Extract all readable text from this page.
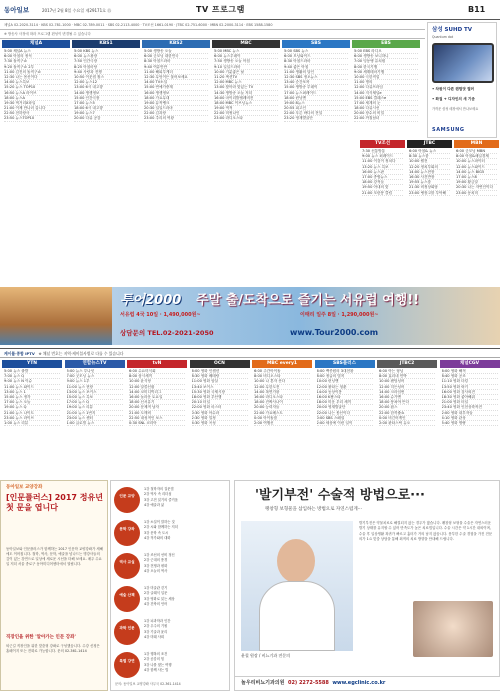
동아일보	2017년 2월 8일 수요일 제29171호 ⑮	TV 프로그램	B11
채널A 02-2020-3114 · KBS 02-781-1000 · MBC 02-789-0011 · SBS 02-2113-4000 · TV조선 1661-0190 · JTBC 02-751-6000 · MBN 02-2000-3114 · EBS 1588-1580
※ 방송사 사정에 따라 프로그램 편성이 변경될 수 있습니다
채널A
5:00 채널A 뉴스
6:00 아침의 정석
7:30 돌직구쇼
9:20 돌직구쇼 2부
11:00 김진의 돌직구쇼
12:30 나는 몸신이다
14:00 뉴스특보
15:20 뉴스 TOP10
16:50 뉴스A 라이브
18:00 뉴스A
19:30 먹거리X파일
21:00 이제 만나러 갑니다
22:50 천하장사
23:50 뉴스TOP10
KBS1
5:00 KBS 뉴스
6:00 뉴스광장
7:50 인간극장
8:25 아침마당
9:40 사랑과 전쟁
10:50 이웃집 찰스
12:00 뉴스12
13:00 6시 내고향
14:00 생생정보
15:00 인간극장
17:00 뉴스5
18:00 6시 내고향
19:00 뉴스7
20:00 다큐 공감
KBS2
5:00 생방송 오늘
6:00 굿모닝 대한민국
8:30 아침드라마
9:40 여유만만
11:00 해피투게더
12:30 무엇이든 물어보세요
14:00 TV소설
15:00 연예가중계
16:00 생생정보
18:00 가요무대
19:00 뮤직뱅크
20:30 일일드라마
22:00 김과장
23:00 추리의 여왕
MBC
5:00 MBC 뉴스
6:00 뉴스투데이
7:50 생방송 오늘 아침
9:10 일일드라마
10:00 기분좋은 날
11:20 섹션TV
12:00 MBC 뉴스
13:00 찾아라 맛있는 TV
14:30 생방송 오늘 저녁
16:00 마이리틀텔레비전
18:00 MBC 이브닝뉴스
19:00 역적
22:00 미씽나인
23:00 라디오스타
SBS
5:00 SBS 뉴스
6:00 모닝와이드
8:30 아침드라마
9:40 좋은 아침
11:00 생활의 달인
12:30 SBS 정오뉴스
13:40 순간포착
15:00 생방송 투데이
17:00 뉴스퍼레이드
18:00 런닝맨
19:00 8뉴스
20:55 피고인
22:00 푸른 바다의 전설
23:20 영재발굴단
EBS
5:00 EBS 라디오
6:00 생방송 보니하니
7:00 딩동댕 유치원
8:00 한국기행
9:00 세계테마기행
10:00 극한직업
11:00 명의
12:00 다큐프라임
14:00 지식채널e
15:00 EBS 클래스e
17:00 세계의 눈
18:00 다큐시선
20:00 장수의 비밀
22:00 까칠남녀
삼성 SUHD TV
Quantum dot
• 차원이 다른 퀀텀닷 컬러
• 화질 + 디자인의 새 기준
가까운 삼성 매장에서 만나보세요
SAMSUNG
TV조선
7:30 신통방통
9:00 뉴스 퍼레이드
11:00 이것이 정치다
13:20 뉴스 특보
16:00 뉴스판
17:00 종합뉴스
18:00 강적들
19:50 아내의 맛
21:00 모란봉 클럽
JTBC
6:00 아침& 뉴스
8:30 뉴스룸
10:00 썰전
12:20 정치부회의
14:00 뉴스현장
16:30 사건반장
19:55 뉴스룸
21:30 비정상회담
23:00 냉장고를 부탁해
MBN
6:00 굿모닝 MBN
8:00 아침&매일경제
10:00 뉴스파이터
12:00 뉴스와이드
14:00 뉴스 BIG5
17:00 뉴스8
19:00 황금알
20:30 나는 자연인이다
23:00 동치미
투어2000 주말 출/도착으로 즐기는 서유럽 여행!!
서유럽 4국 10일 · 1,490,000원~	이태리 일주 8일 · 1,290,000원~
상담문의 TEL.02-2021-2050	www.Tour2000.com
케이블·종합 IPTV ※ 채널 번호는 지역·케이블사별로 다를 수 있습니다
YTN
5:00 뉴스 출발
7:00 뉴스 Q
9:00 뉴스 N 이슈
11:00 뉴스 와이드
13:00 뉴스 1
15:00 뉴스 정각
17:00 뉴스 오늘
19:00 뉴스 Q
21:00 뉴스 나이트
23:00 뉴스 라이브
1:00 뉴스 리뷰
연합뉴스TV
5:00 뉴스 투나잇
7:00 굿모닝 뉴스
9:00 뉴스 1부
11:00 뉴스 현장
13:00 뉴스 포커스
15:00 뉴스 특보
17:00 뉴스 Q
19:00 뉴스 리뷰
21:00 뉴스 1번지
23:00 뉴스 센터
1:00 글로벌 뉴스
tvN
6:00 수요미식회
8:00 삼시세끼
10:00 윤식당
12:00 알쓸신잡
14:00 코미디빅리그
16:00 놀라운 토요일
18:00 신서유기
20:00 문제적 남자
21:00 도깨비
22:50 내성적인 보스
0:30 SNL 코리아
OCN
6:00 영화 인셉션
8:30 영화 베테랑
11:00 영화 암살
13:40 보이스
15:30 영화 국제시장
18:00 영화 부산행
20:10 터널
22:00 영화 마스터
0:30 영화 아수라
2:30 영화 밀정
4:30 영화 곡성
MBC every1
6:00 주간아이돌
8:00 비디오스타
10:00 나 혼자 산다
12:00 무한도전
14:00 복면가왕
16:00 라디오스타
18:00 진짜사나이
20:00 능력자들
22:00 가요베스트
0:00 아이돌룸
2:00 여행신
SBS플러스
6:00 백종원의 3대천왕
8:00 정글의 법칙
10:00 런닝맨
12:00 불타는 청춘
14:00 동상이몽
16:00 K팝스타
18:00 미운 우리 새끼
20:00 영재발굴단
22:00 나는 몸신이다
0:00 SBS 스페셜
2:00 세상에 이런 일이
JTBC2
6:00 아는 형님
8:00 효리네 민박
10:00 팬텀싱어
12:00 히든싱어
14:00 크라임씬
16:00 슈가맨
18:00 뭉쳐야 뜬다
20:00 잡스
22:00 한끼줍쇼
0:00 비긴어게인
2:00 판타스틱 듀오
채널CGV
6:00 영화 해적
8:40 영화 공조
11:10 영화 더킹
13:50 영화 럭키
16:00 영화 검사외전
18:30 영화 좋아해줘
21:00 영화 터널
23:40 영화 인천상륙작전
2:00 영화 내부자들
4:10 영화 관상
5:40 영화 명량
동아일보 교양강좌
[인문플러스] 2017 정유년 첫 문을 엽니다
동아일보와 인문플러스가 함께하는 2017 인문학 교양강좌가 새해에도 이어집니다. 철학, 역사, 문학, 예술을 넘나드는 명강사들의 깊이 있는 강연으로 일상에 새로운 시선을 더해 보세요. 매주 수요일 저녁 서울 종로구 동아미디어센터에서 열립니다.
직장인을 위한 '알아가는 인문 강좌'
퇴근길 직장인을 위한 맞춤형 강좌로 구성했습니다. 수강 신청은 홈페이지 또는 전화로 가능합니다. 문의 02-361-1414
인문 교양
1강 철학자의 질문법
2강 역사 속 리더십
3강 고전 읽기의 즐거움
4강 예술과 삶
문학 강좌
1강 소설이 말하는 것
2강 시와 함께하는 저녁
3강 문학 속 도시
4강 작가와의 대화
역사 교실
1강 조선의 선비 정신
2강 근대의 풍경
3강 전쟁과 평화
4강 오늘의 역사
예술 산책
1강 미술관 걷기
2강 클래식 입문
3강 영화로 읽는 세상
4강 건축의 언어
과학 인문
1강 뇌과학과 인간
2강 우주의 기원
3강 기술과 윤리
4강 미래 사회
특별 강연
1강 행복의 조건
2강 공감의 힘
3강 나를 찾는 여행
4강 함께 사는 법
문의: 동아일보 교양강좌 사무국 02-361-1414
'발기부전' 수술적 방법으로···
팽창형 보형물을 삽입하는 방법으로 자연스럽게···
윤철 원장 / 비뇨기과 전문의
발기부전은 약물치료로 해결되지 않는 경우가 많습니다. 팽창형 보형물 수술은 자연스러운 발기 상태를 유지할 수 있어 만족도가 높은 치료법입니다. 수술 시간은 약 1시간 내외이며, 수술 후 일상생활 복귀가 빠르고 흉터가 거의 남지 않습니다. 풍부한 수술 경험을 가진 전문의가 1:1 맞춤 상담을 통해 최적의 치료 방향을 안내해 드립니다.
놀우리비뇨기과의원 02) 2272-5588 www.egclinic.co.kr
